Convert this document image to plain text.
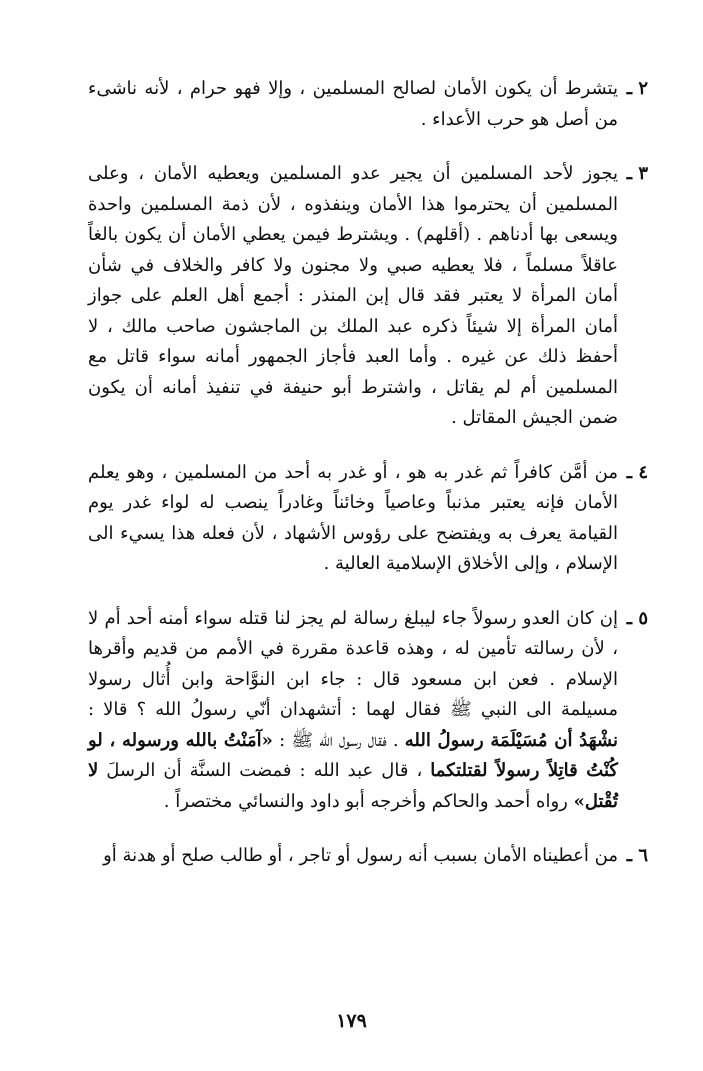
٢ ـ

يتشرط أن يكون الأمان لصالح المسلمين ، وإلا فهو حرام ، لأنه ناشىء من أصل هو حرب الأعداء .

٣ ـ

يجوز لأحد المسلمين أن يجير عدو المسلمين ويعطيه الأمان ، وعلى المسلمين أن يحترموا هذا الأمان وينفذوه ، لأن ذمة المسلمين واحدة ويسعى بها أدناهم . (أقلهم) . ويشترط فيمن يعطي الأمان أن يكون بالغاً عاقلاً مسلماً ، فلا يعطيه صبي ولا مجنون ولا كافر والخلاف في شأن أمان المرأة لا يعتبر فقد قال إبن المنذر : أجمع أهل العلم على جواز أمان المرأة إلا شيئاً ذكره عبد الملك بن الماجشون صاحب مالك ، لا أحفظ ذلك عن غيره . وأما العبد فأجاز الجمهور أمانه سواء قاتل مع المسلمين أم لم يقاتل ، واشترط أبو حنيفة في تنفيذ أمانه أن يكون ضمن الجيش المقاتل .

٤ ـ

من أمَّن كافراً ثم غدر به هو ، أو غدر به أحد من المسلمين ، وهو يعلم الأمان فإنه يعتبر مذنباً وعاصياً وخائناً وغادراً ينصب له لواء غدر يوم القيامة يعرف به ويفتضح على رؤوس الأشهاد ، لأن فعله هذا يسيء الى الإسلام ، وإلى الأخلاق الإسلامية العالية .

٥ ـ

إن كان العدو رسولاً جاء ليبلغ رسالة لم يجز لنا قتله سواء أمنه أحد أم لا ، لأن رسالته تأمين له ، وهذه قاعدة مقررة في الأمم من قديم وأقرها الإسلام . فعن ابن مسعود قال : جاء ابن النوَّاحة وابن أُثال رسولا مسيلمة الى النبي ﷺ فقال لهما : أتشهدان أنّي رسولُ الله ؟ قالا : نشْهَدُ أن مُسَيْلَمَة رسولُ الله . فقال رسول الله ﷺ : «آمَنْتُ بالله ورسوله ، لو كُنْتُ قاتِلاً رسولاً لقتلتكما ، قال عبد الله : فمضت السنَّة أن الرسلَ لا تُقْتل» رواه أحمد والحاكم وأخرجه أبو داود والنسائي مختصراً .

٦ ـ

من أعطيناه الأمان بسبب أنه رسول أو تاجر ، أو طالب صلح أو هدنة أو

١٧٩
